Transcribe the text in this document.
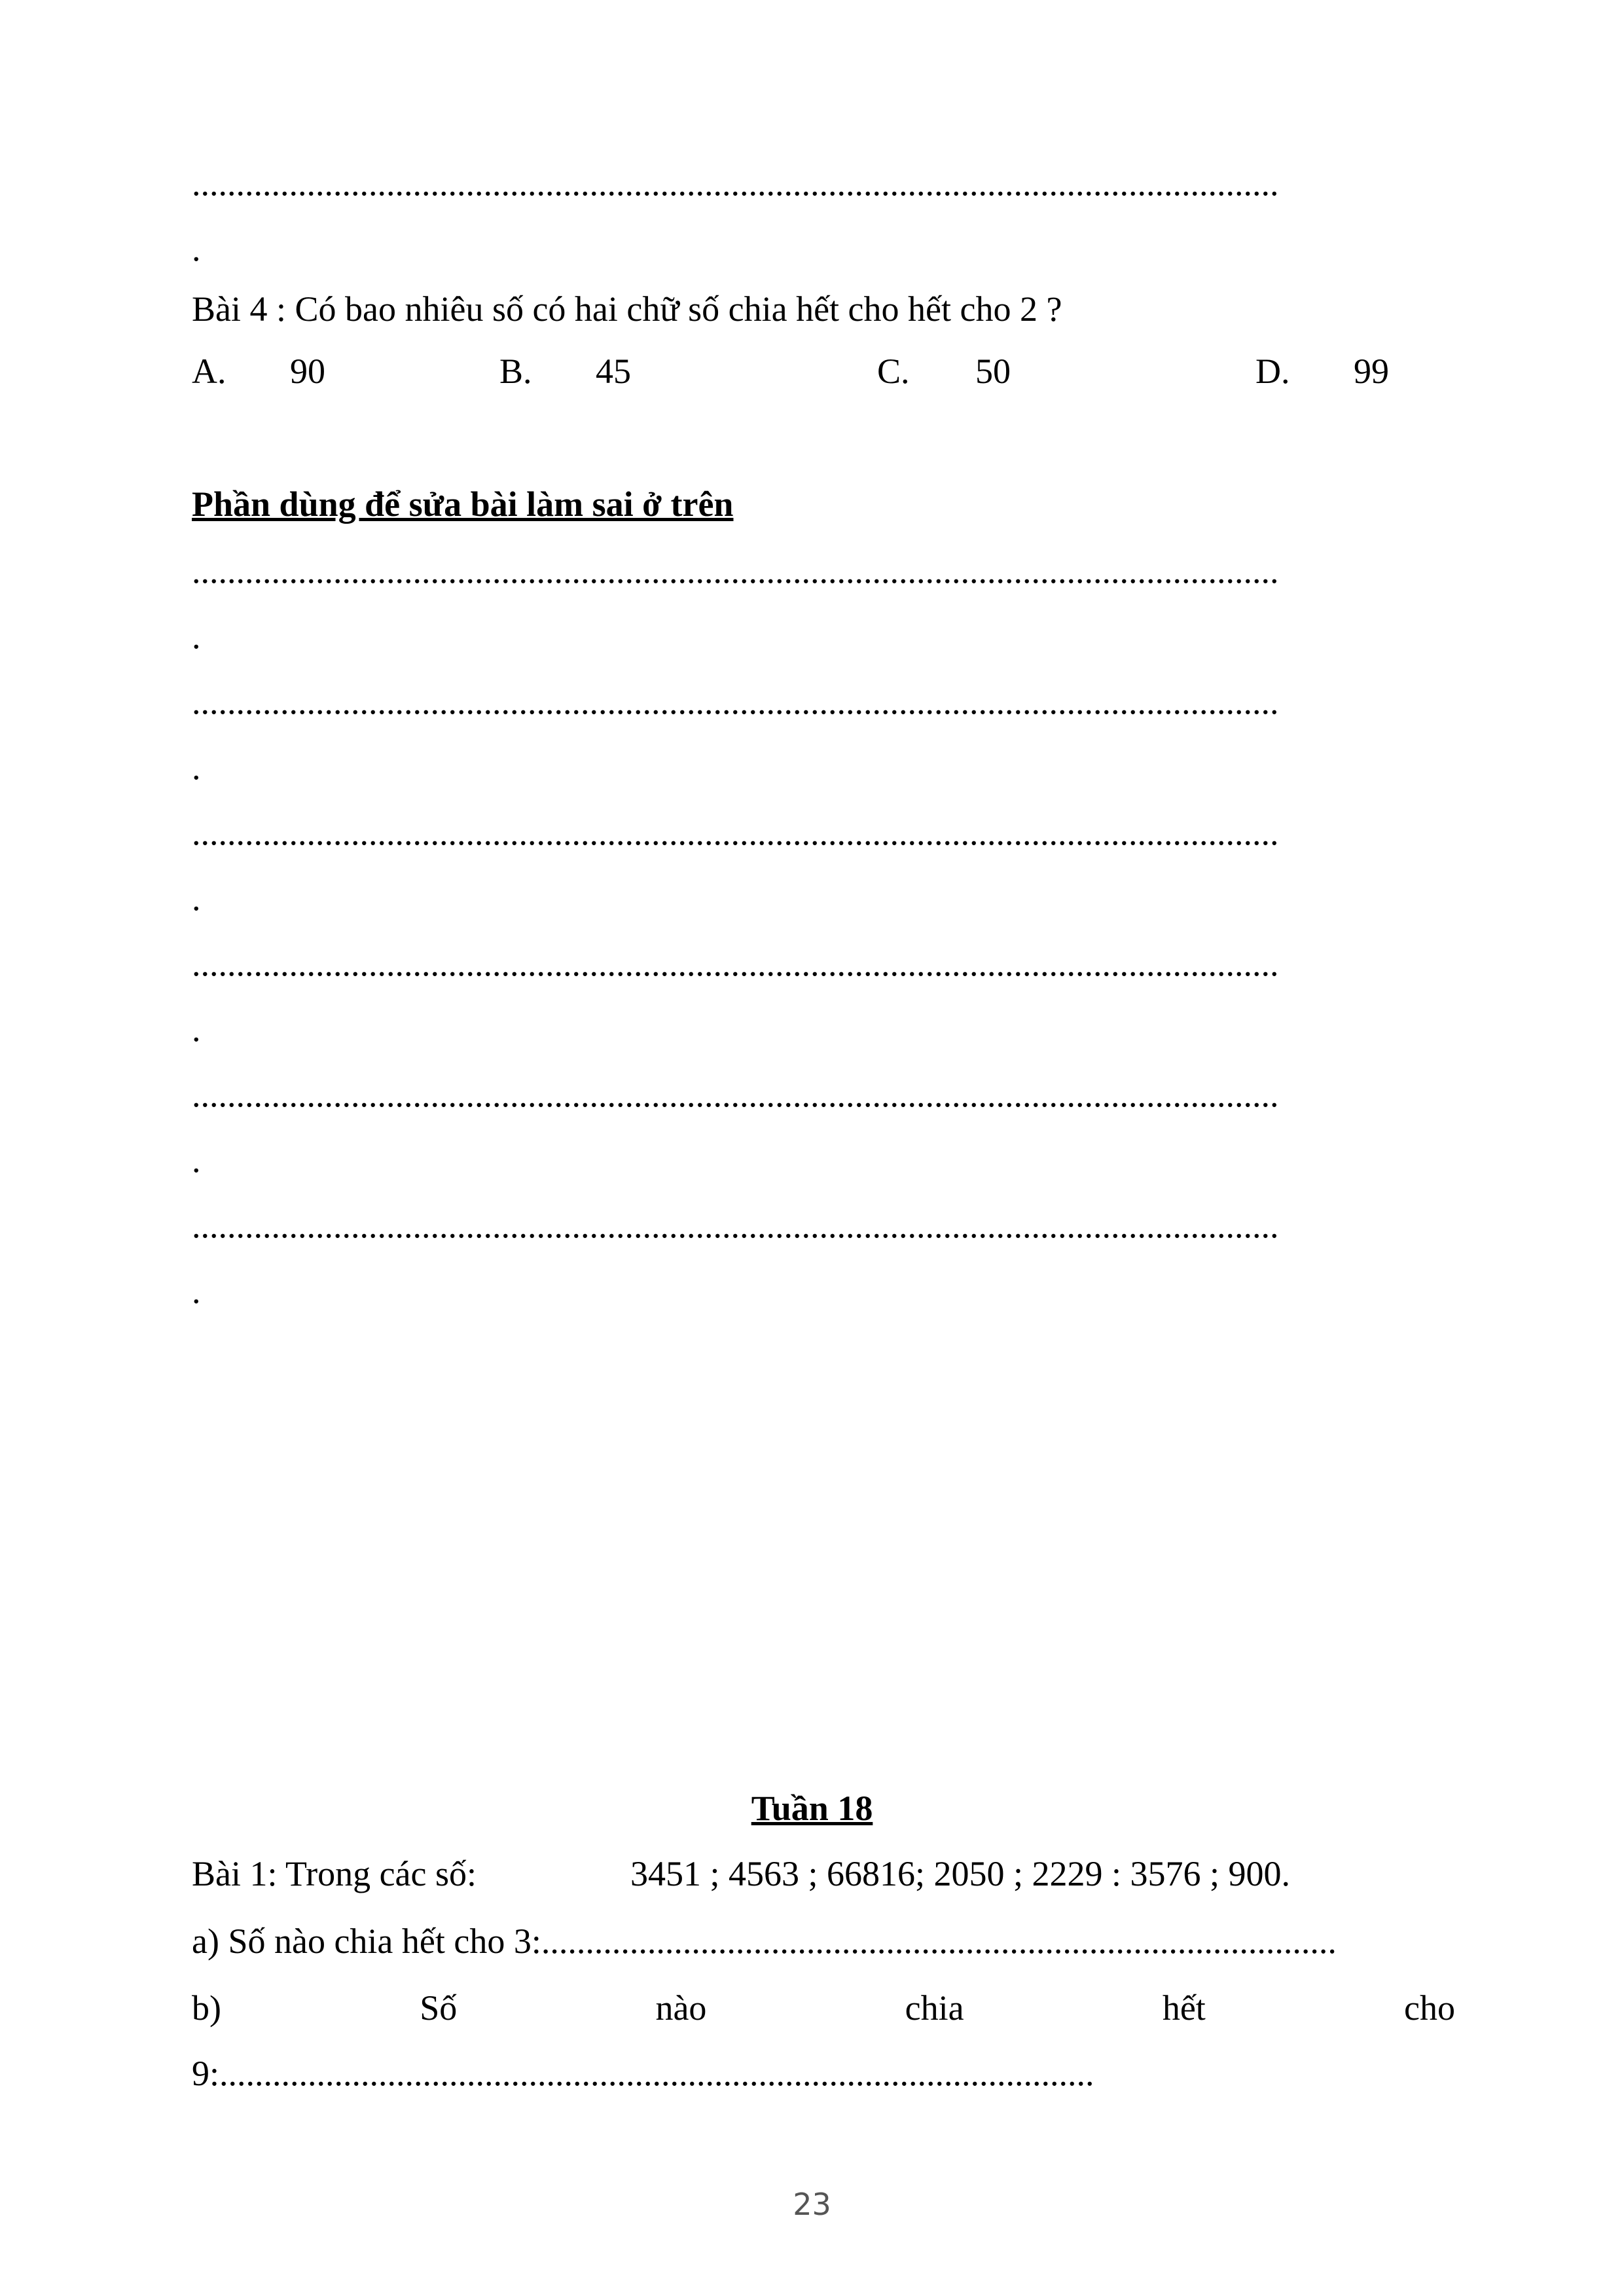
...........................................................................................................................
.
Bài 4 : Có bao nhiêu số có hai chữ số chia hết cho hết cho 2 ?
A. 90	B. 45	C. 50	D. 99
Phần dùng để sửa bài làm sai ở trên
...........................................................................................................................
.
...........................................................................................................................
.
...........................................................................................................................
.
...........................................................................................................................
.
...........................................................................................................................
.
...........................................................................................................................
.
Tuần 18
Bài 1: Trong các số:	3451 ; 4563 ; 66816; 2050 ; 2229 : 3576 ; 900.
a) Số nào chia hết cho 3:..........................................................................................
b)	Số	nào	chia	hết	cho
9:...................................................................................................
23
